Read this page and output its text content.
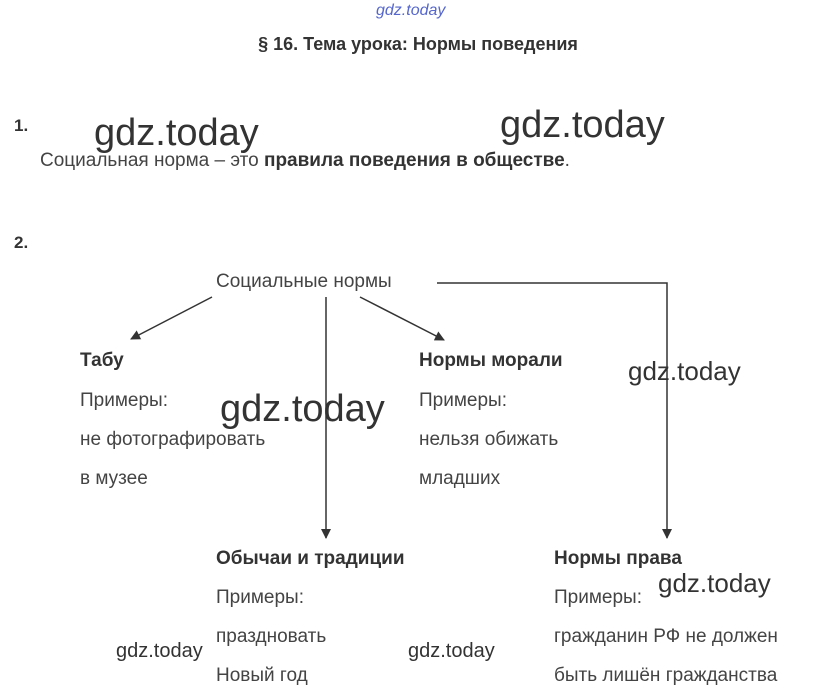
gdz.today
§ 16. Тема урока: Нормы поведения
1.
Социальная норма – это правила поведения в обществе.
2.
Социальные нормы
Табу
Примеры:
не фотографировать
в музее
Нормы морали
Примеры:
нельзя обижать
младших
Обычаи и традиции
Примеры:
праздновать
Новый год
Нормы права
Примеры:
гражданин РФ не должен
быть лишён гражданства
gdz.today	gdz.today
gdz.today
gdz.today
gdz.today
gdz.today	gdz.today
